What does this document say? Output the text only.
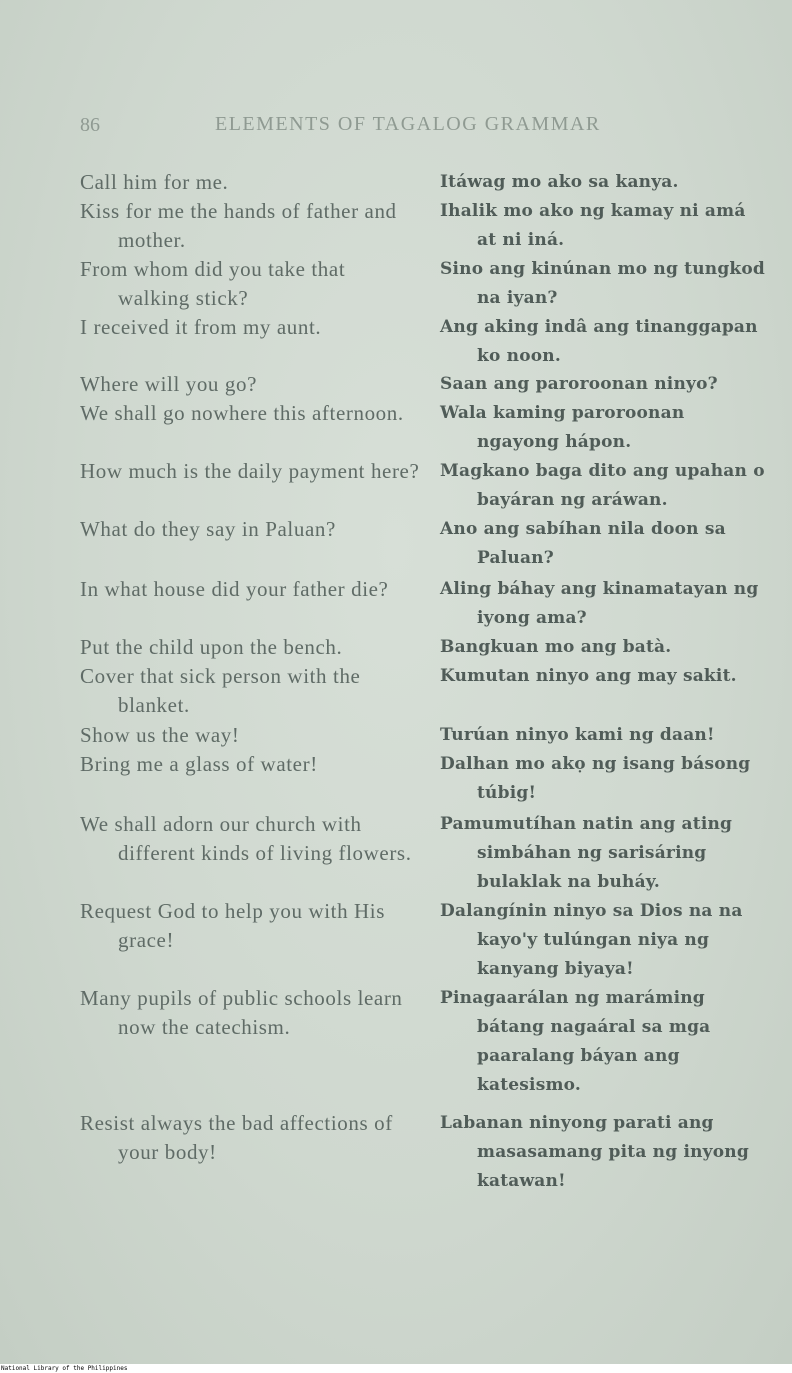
86	ELEMENTS OF TAGALOG GRAMMAR
Call him for me.
Kiss for me the hands of father and mother.
From whom did you take that walking stick?
I received it from my aunt.
Where will you go?
We shall go nowhere this afternoon.
How much is the daily payment here?
What do they say in Paluan?
In what house did your father die?
Put the child upon the bench.
Cover that sick person with the blanket.
Show us the way!
Bring me a glass of water!
We shall adorn our church with different kinds of living flowers.
Request God to help you with His grace!
Many pupils of public schools learn now the catechism.
Resist always the bad affections of your body!
Itáwag mo ako sa kanya.
Ihalik mo ako ng kamay ni amá at ni iná.
Sino ang kinúnan mo ng tungkod na iyan?
Ang aking indâ ang tinanggapan ko noon.
Saan ang paroroonan ninyo?
Wala kaming paroroonan ngayong hápon.
Magkano baga dito ang upahan o bayáran ng aráwan.
Ano ang sabíhan nila doon sa Paluan?
Aling báhay ang kinamatayan ng iyong ama?
Bangkuan mo ang batà.
Kumutan ninyo ang may sakit.
Turúan ninyo kami ng daan!
Dalhan mo akọ ng isang básong túbig!
Pamumutíhan natin ang ating simbáhan ng sarisáring bulaklak na buháy.
Dalangínin ninyo sa Dios na na kayo'y tulúngan niya ng kanyang biyaya!
Pinagaarálan ng maráming bátang nagaáral sa mga paaralang báyan ang katesismo.
Labanan ninyong parati ang masasamang pita ng inyong katawan!
National Library of the Philippines
